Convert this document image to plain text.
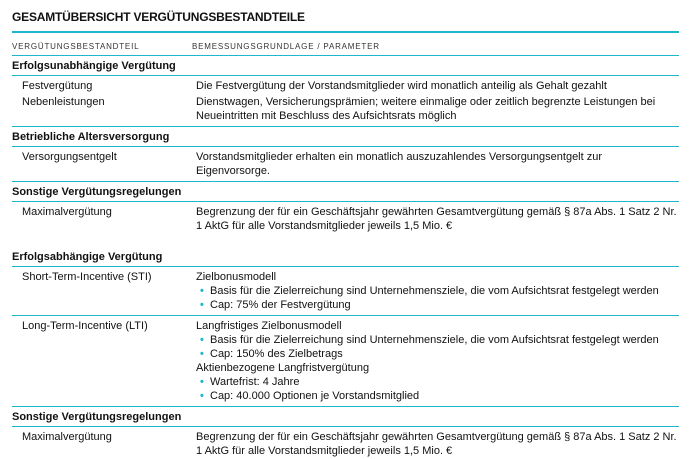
GESAMTÜBERSICHT VERGÜTUNGSBESTANDTEILE
VERGÜTUNGSBESTANDTEIL	BEMESSUNGSGRUNDLAGE / PARAMETER
Erfolgsunabhängige Vergütung
Festvergütung	Die Festvergütung der Vorstandsmitglieder wird monatlich anteilig als Gehalt gezahlt
Nebenleistungen	Dienstwagen, Versicherungsprämien; weitere einmalige oder zeitlich begrenzte Leistungen bei Neueintritten mit Beschluss des Aufsichtsrats möglich
Betriebliche Altersversorgung
Versorgungsentgelt	Vorstandsmitglieder erhalten ein monatlich auszuzahlendes Versorgungsentgelt zur Eigenvorsorge.
Sonstige Vergütungsregelungen
Maximalvergütung	Begrenzung der für ein Geschäftsjahr gewährten Gesamtvergütung gemäß § 87a Abs. 1 Satz 2 Nr. 1 AktG für alle Vorstandsmitglieder jeweils 1,5 Mio. €
Erfolgsabhängige Vergütung
Short-Term-Incentive (STI)	Zielbonusmodell

• Basis für die Zielerreichung sind Unternehmensziele, die vom Aufsichtsrat festgelegt werden
• Cap: 75% der Festvergütung
Long-Term-Incentive (LTI)	Langfristiges Zielbonusmodell

• Basis für die Zielerreichung sind Unternehmensziele, die vom Aufsichtsrat festgelegt werden
• Cap: 150% des Zielbetrags

Aktienbezogene Langfristvergütung

• Wartefrist: 4 Jahre
• Cap: 40.000 Optionen je Vorstandsmitglied
Sonstige Vergütungsregelungen
Maximalvergütung	Begrenzung der für ein Geschäftsjahr gewährten Gesamtvergütung gemäß § 87a Abs. 1 Satz 2 Nr. 1 AktG für alle Vorstandsmitglieder jeweils 1,5 Mio. €
